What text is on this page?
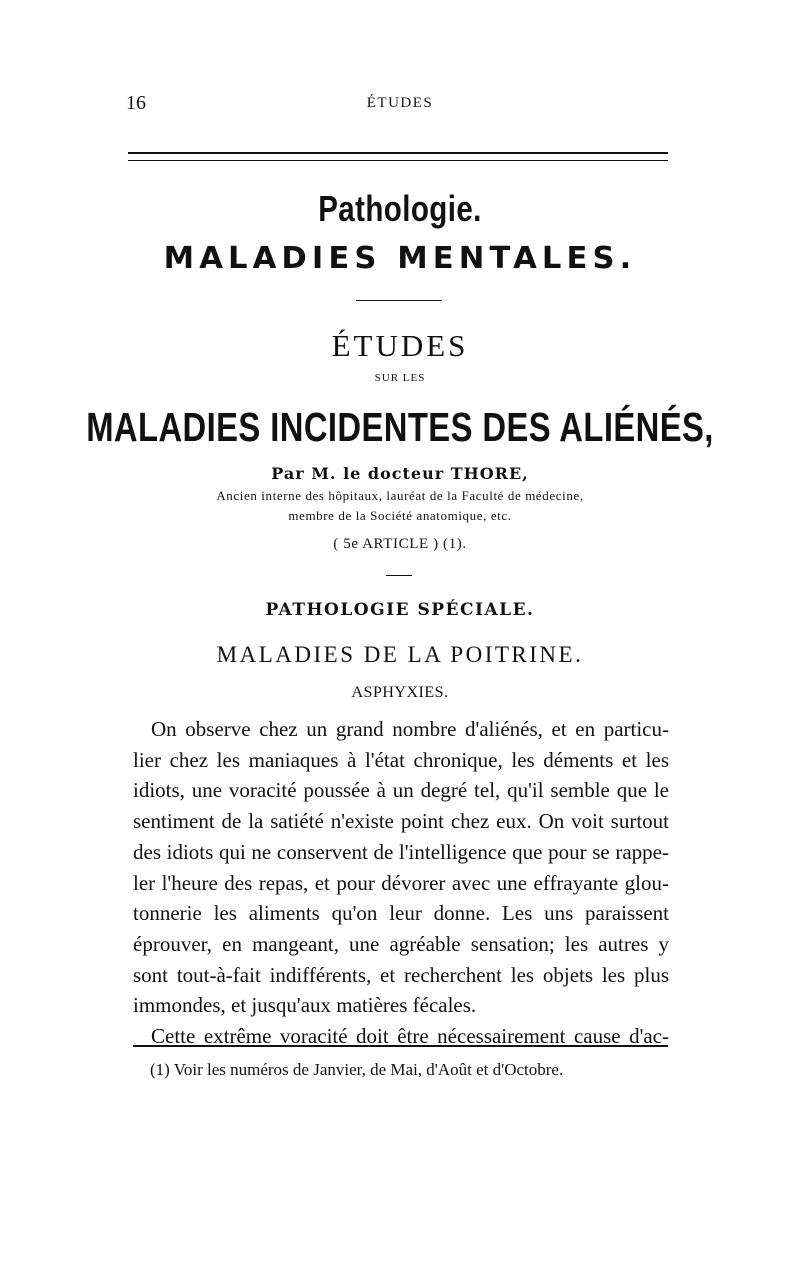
16	ÉTUDES
Pathologie.
MALADIES MENTALES.
ÉTUDES
SUR LES
MALADIES INCIDENTES DES ALIÉNÉS,
Par M. le docteur THORE,
Ancien interne des hôpitaux, lauréat de la Faculté de médecine,
membre de la Société anatomique, etc.
( 5e ARTICLE ) (1).
PATHOLOGIE SPÉCIALE.
MALADIES DE LA POITRINE.
ASPHYXIES.
On observe chez un grand nombre d'aliénés, et en particu-
lier chez les maniaques à l'état chronique, les déments et les
idiots, une voracité poussée à un degré tel, qu'il semble que le
sentiment de la satiété n'existe point chez eux. On voit surtout
des idiots qui ne conservent de l'intelligence que pour se rappe-
ler l'heure des repas, et pour dévorer avec une effrayante glou-
tonnerie les aliments qu'on leur donne. Les uns paraissent
éprouver, en mangeant, une agréable sensation; les autres y
sont tout-à-fait indifférents, et recherchent les objets les plus
immondes, et jusqu'aux matières fécales.
Cette extrême voracité doit être nécessairement cause d'ac-
(1) Voir les numéros de Janvier, de Mai, d'Août et d'Octobre.
